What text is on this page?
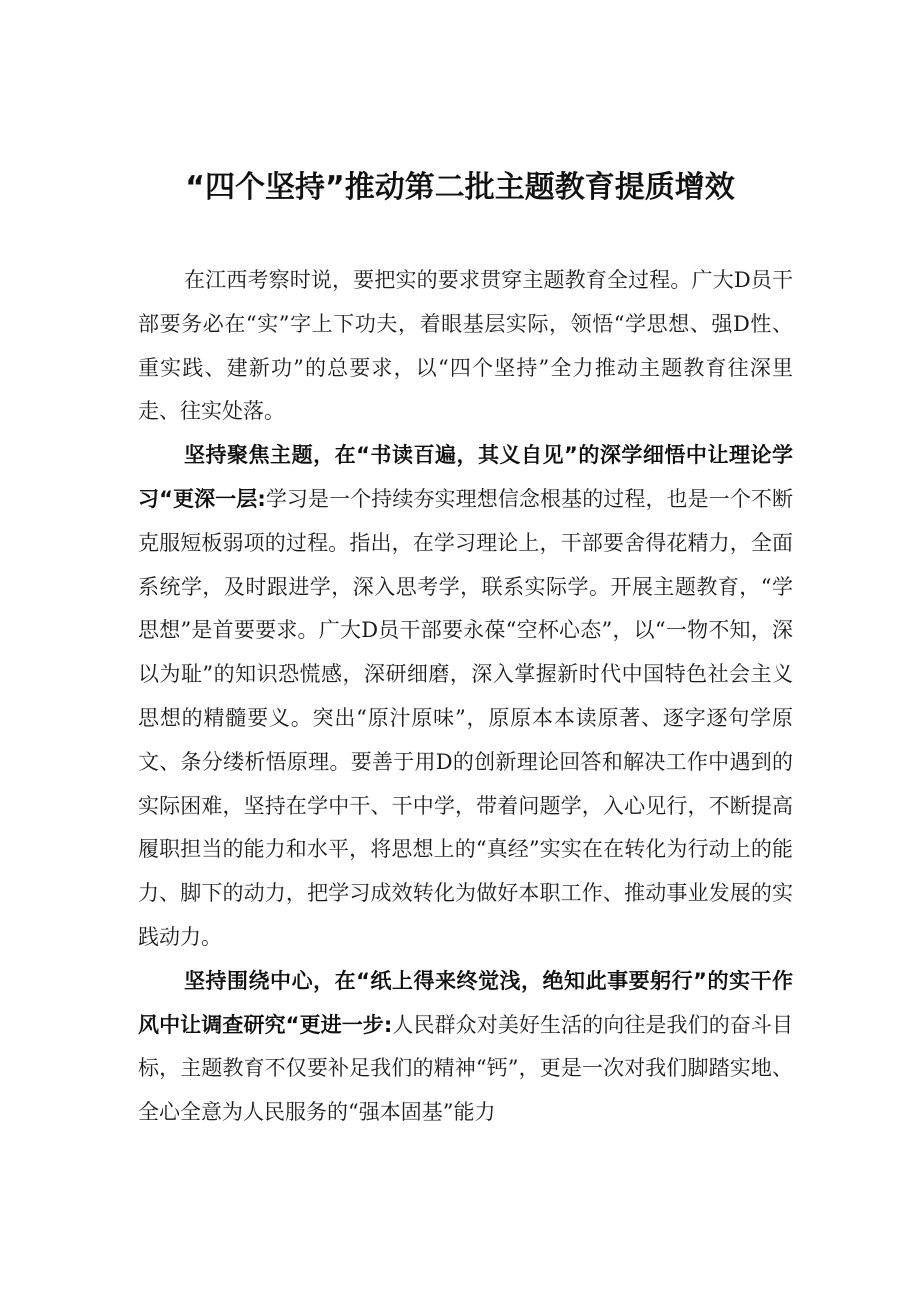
“四个坚持”推动第二批主题教育提质增效

在江西考察时说，要把实的要求贯穿主题教育全过程。广大D员干部要务必在“实”字上下功夫，着眼基层实际，领悟“学思想、强D性、重实践、建新功”的总要求，以“四个坚持”全力推动主题教育往深里走、往实处落。

坚持聚焦主题，在“书读百遍，其义自见”的深学细悟中让理论学习“更深一层:学习是一个持续夯实理想信念根基的过程，也是一个不断克服短板弱项的过程。指出，在学习理论上，干部要舍得花精力，全面系统学，及时跟进学，深入思考学，联系实际学。开展主题教育，“学思想”是首要要求。广大D员干部要永葆“空杯心态”，以“一物不知，深以为耻”的知识恐慌感，深研细磨，深入掌握新时代中国特色社会主义思想的精髓要义。突出“原汁原味”，原原本本读原著、逐字逐句学原文、条分缕析悟原理。要善于用D的创新理论回答和解决工作中遇到的实际困难，坚持在学中干、干中学，带着问题学，入心见行，不断提高履职担当的能力和水平，将思想上的“真经”实实在在转化为行动上的能力、脚下的动力，把学习成效转化为做好本职工作、推动事业发展的实践动力。

坚持围绕中心，在“纸上得来终觉浅，绝知此事要躬行”的实干作风中让调查研究“更进一步:人民群众对美好生活的向往是我们的奋斗目标，主题教育不仅要补足我们的精神“钙”，更是一次对我们脚踏实地、全心全意为人民服务的“强本固基”能力
